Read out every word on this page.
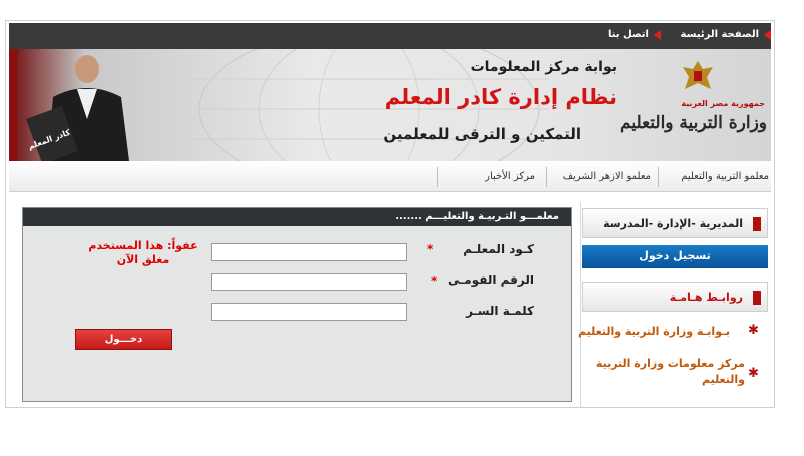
الصفحة الرئيسة
اتصل بنا
كادر المعلم
بوابة مركز المعلومات
نظام إدارة كادر المعلم
التمكين و الترقى للمعلمين
جمهورية مصر العربية
وزارة التربية والتعليم
معلمو التربية والتعليم
معلمو الازهر الشريف
مركز الأخبار
معلمـــو التـربيـة والتعليـــم .......
كـود المعلـم
*
الرقم القومـى
*
كلمـة السـر
عفواً: هذا المستخدم مغلق الآن
دخـــول
المديرية -الإدارة -المدرسة
تسجيل دخول
روابـط هـامـة
✱
بـوابـة وزارة التربية والتعليم
✱
مركز معلومات وزارة التربية والتعليم
